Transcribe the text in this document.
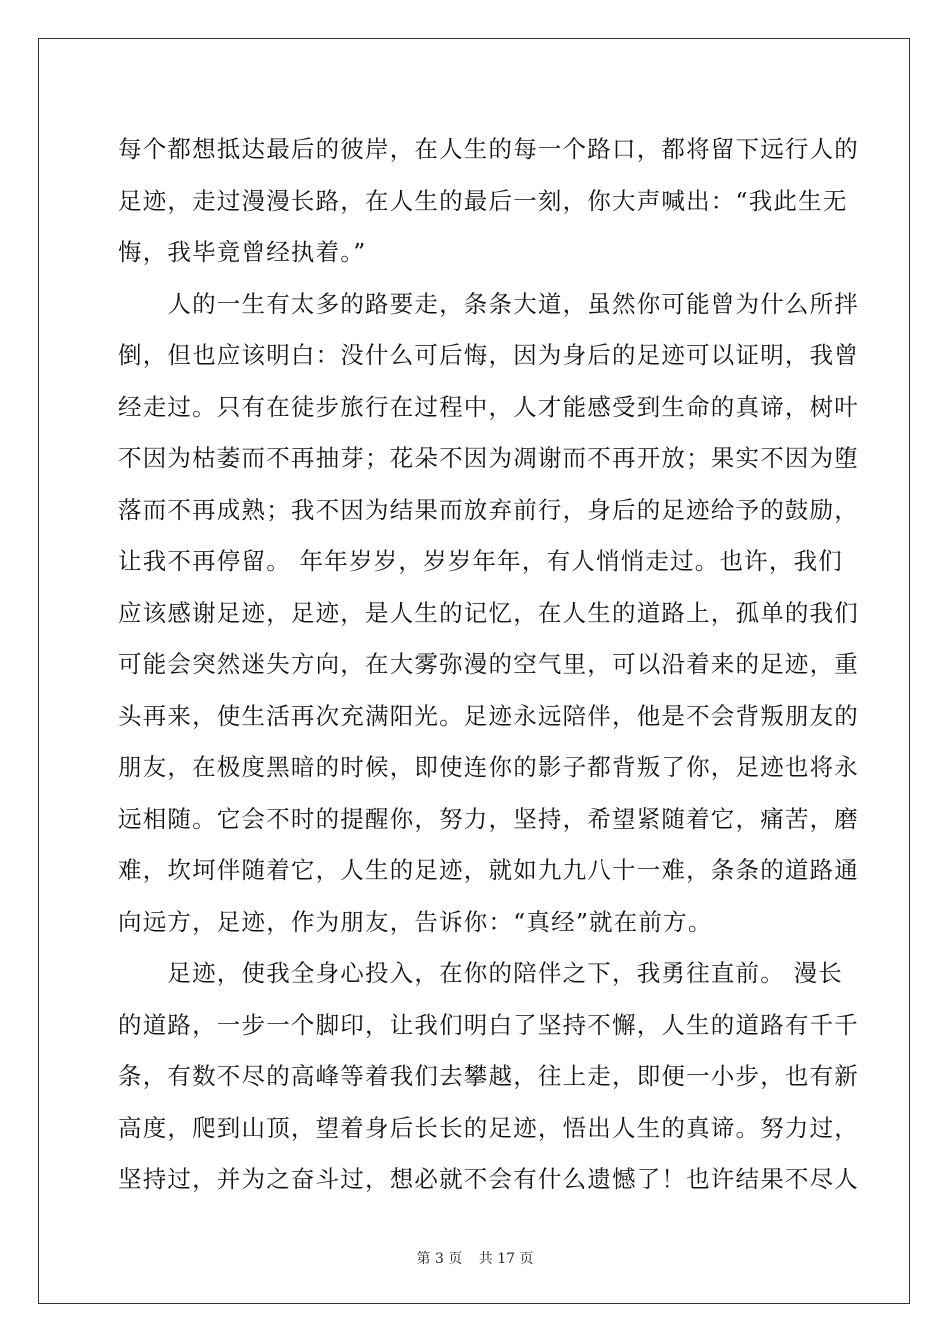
每个都想抵达最后的彼岸，在人生的每一个路口，都将留下远行人的
足迹，走过漫漫长路，在人生的最后一刻，你大声喊出：“我此生无
悔，我毕竟曾经执着。”
　　人的一生有太多的路要走，条条大道，虽然你可能曾为什么所拌
倒，但也应该明白：没什么可后悔，因为身后的足迹可以证明，我曾
经走过。只有在徒步旅行在过程中，人才能感受到生命的真谛，树叶
不因为枯萎而不再抽芽；花朵不因为凋谢而不再开放；果实不因为堕
落而不再成熟；我不因为结果而放弃前行，身后的足迹给予的鼓励，
让我不再停留。 年年岁岁，岁岁年年，有人悄悄走过。也许，我们
应该感谢足迹，足迹，是人生的记忆，在人生的道路上，孤单的我们
可能会突然迷失方向，在大雾弥漫的空气里，可以沿着来的足迹，重
头再来，使生活再次充满阳光。足迹永远陪伴，他是不会背叛朋友的
朋友，在极度黑暗的时候，即使连你的影子都背叛了你，足迹也将永
远相随。它会不时的提醒你，努力，坚持，希望紧随着它，痛苦，磨
难，坎坷伴随着它，人生的足迹，就如九九八十一难，条条的道路通
向远方，足迹，作为朋友，告诉你：“真经”就在前方。
　　足迹，使我全身心投入，在你的陪伴之下，我勇往直前。 漫长
的道路，一步一个脚印，让我们明白了坚持不懈，人生的道路有千千
条，有数不尽的高峰等着我们去攀越，往上走，即便一小步，也有新
高度，爬到山顶，望着身后长长的足迹，悟出人生的真谛。努力过，
坚持过，并为之奋斗过，想必就不会有什么遗憾了！也许结果不尽人
第 3 页 共 17 页
